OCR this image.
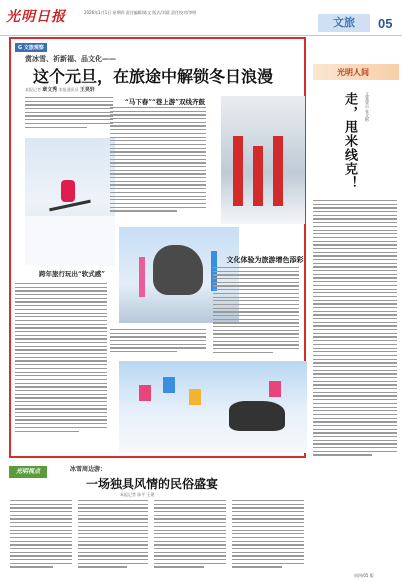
光明日报	2026年1月1日 星期四 责任编辑/陈文 版式/刘晨 责任校对/李明
文旅	05
G 文旅观察
赏冰雪、祈新福、品文化——
这个元旦，在旅途中解锁冬日浪漫
本报记者 章文秀 本报通讯员 王昊轩
跨年旅行玩出“软式感”
“马下春”“巷上游”双线齐鼓
文化体验为旅游增色添彩
光明人间
走，甩米线克！	文笔要点 张文彬
光明视点	冰雪周边游：
一场独具风情的民俗盛宴
本报记者 陈平 王建
周四/05 版
